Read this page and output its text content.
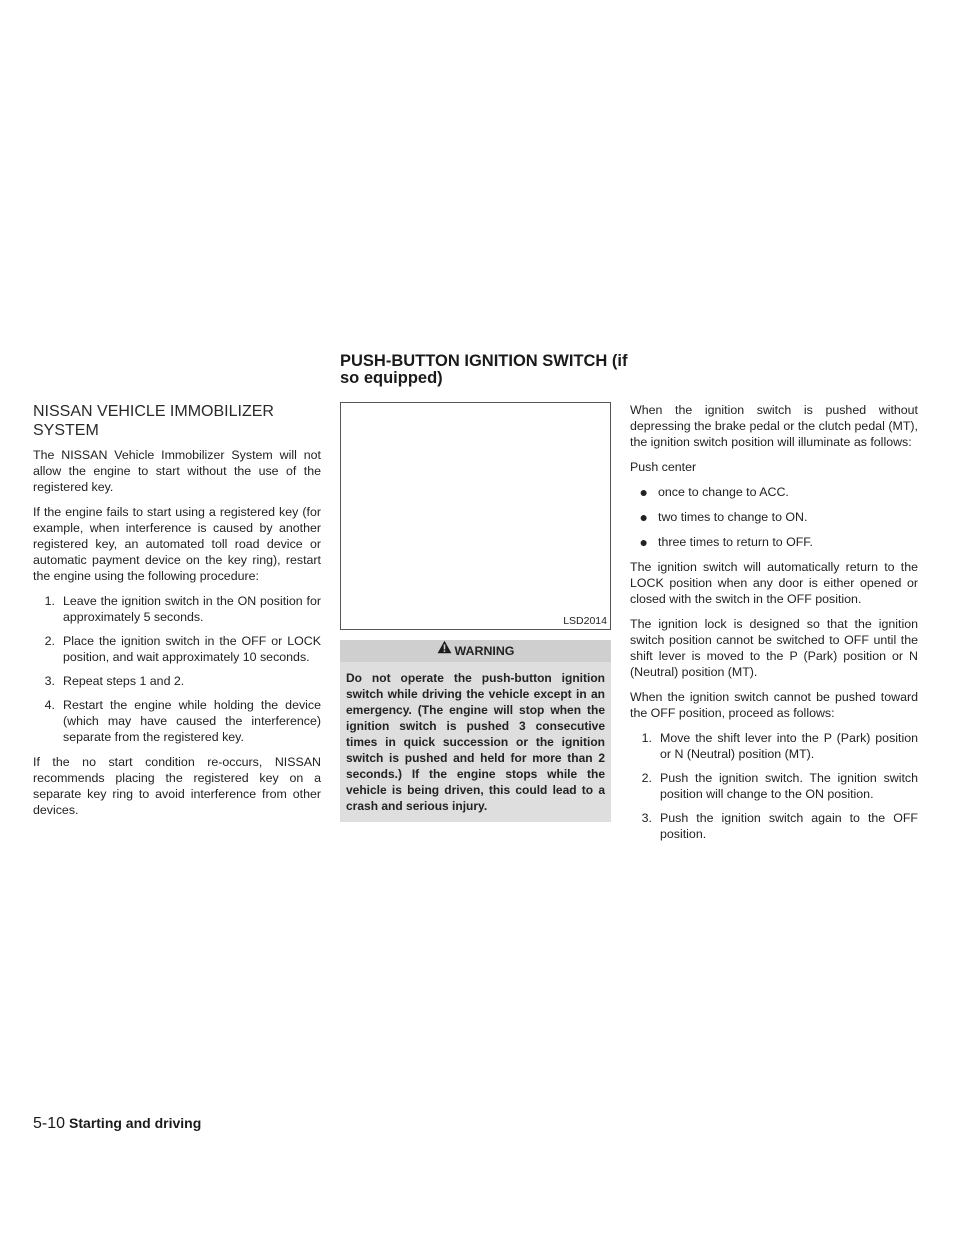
PUSH-BUTTON IGNITION SWITCH (if so equipped)
NISSAN VEHICLE IMMOBILIZER SYSTEM

The NISSAN Vehicle Immobilizer System will not allow the engine to start without the use of the registered key.

If the engine fails to start using a registered key (for example, when interference is caused by another registered key, an automated toll road device or automatic payment device on the key ring), restart the engine using the following procedure:

1. Leave the ignition switch in the ON position for approximately 5 seconds.
2. Place the ignition switch in the OFF or LOCK position, and wait approximately 10 seconds.
3. Repeat steps 1 and 2.
4. Restart the engine while holding the device (which may have caused the interference) separate from the registered key.

If the no start condition re-occurs, NISSAN recommends placing the registered key on a separate key ring to avoid interference from other devices.

LSD2014
WARNING

Do not operate the push-button ignition switch while driving the vehicle except in an emergency. (The engine will stop when the ignition switch is pushed 3 consecutive times in quick succession or the ignition switch is pushed and held for more than 2 seconds.) If the engine stops while the vehicle is being driven, this could lead to a crash and serious injury.

When the ignition switch is pushed without depressing the brake pedal or the clutch pedal (MT), the ignition switch position will illuminate as follows:

Push center

● once to change to ACC.
● two times to change to ON.
● three times to return to OFF.

The ignition switch will automatically return to the LOCK position when any door is either opened or closed with the switch in the OFF position.

The ignition lock is designed so that the ignition switch position cannot be switched to OFF until the shift lever is moved to the P (Park) position or N (Neutral) position (MT).

When the ignition switch cannot be pushed toward the OFF position, proceed as follows:

1. Move the shift lever into the P (Park) position or N (Neutral) position (MT).
2. Push the ignition switch. The ignition switch position will change to the ON position.
3. Push the ignition switch again to the OFF position.
5-10 Starting and driving
